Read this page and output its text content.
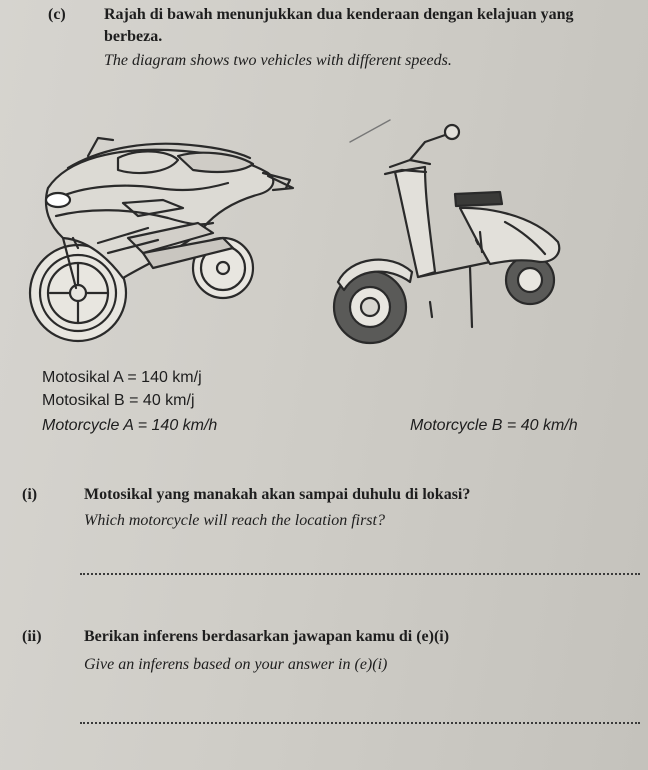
(c) Rajah di bawah menunjukkan dua kenderaan dengan kelajuan yang
berbeza.
The diagram shows two vehicles with different speeds.
Motosikal A = 140 km/j
Motosikal B = 40 km/j
Motorcycle A = 140 km/h	Motorcycle B = 40 km/h
(i)	Motosikal yang manakah akan sampai duhulu di lokasi?
Which motorcycle will reach the location first?
(ii)	Berikan inferens berdasarkan jawapan kamu di (e)(i)
Give an inferens based on your answer in (e)(i)
